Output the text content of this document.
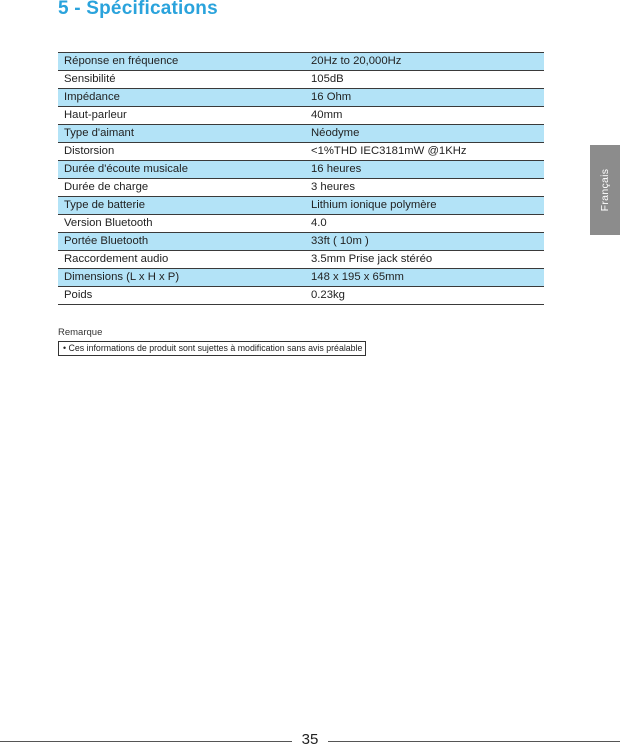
5 - Spécifications
Réponse en fréquence	20Hz to 20,000Hz
Sensibilité	105dB
Impédance	16 Ohm
Haut-parleur	40mm
Type d'aimant	Néodyme
Distorsion	<1%THD IEC3181mW @1KHz
Durée d'écoute musicale	16 heures
Durée de charge	3 heures
Type de batterie	Lithium ionique polymère
Version Bluetooth	4.0
Portée Bluetooth	33ft ( 10m )
Raccordement audio	3.5mm Prise jack stéréo
Dimensions (L x H x P)	148 x 195 x 65mm
Poids	0.23kg
Remarque
• Ces informations de produit sont sujettes à modification sans avis préalable
Français
35
